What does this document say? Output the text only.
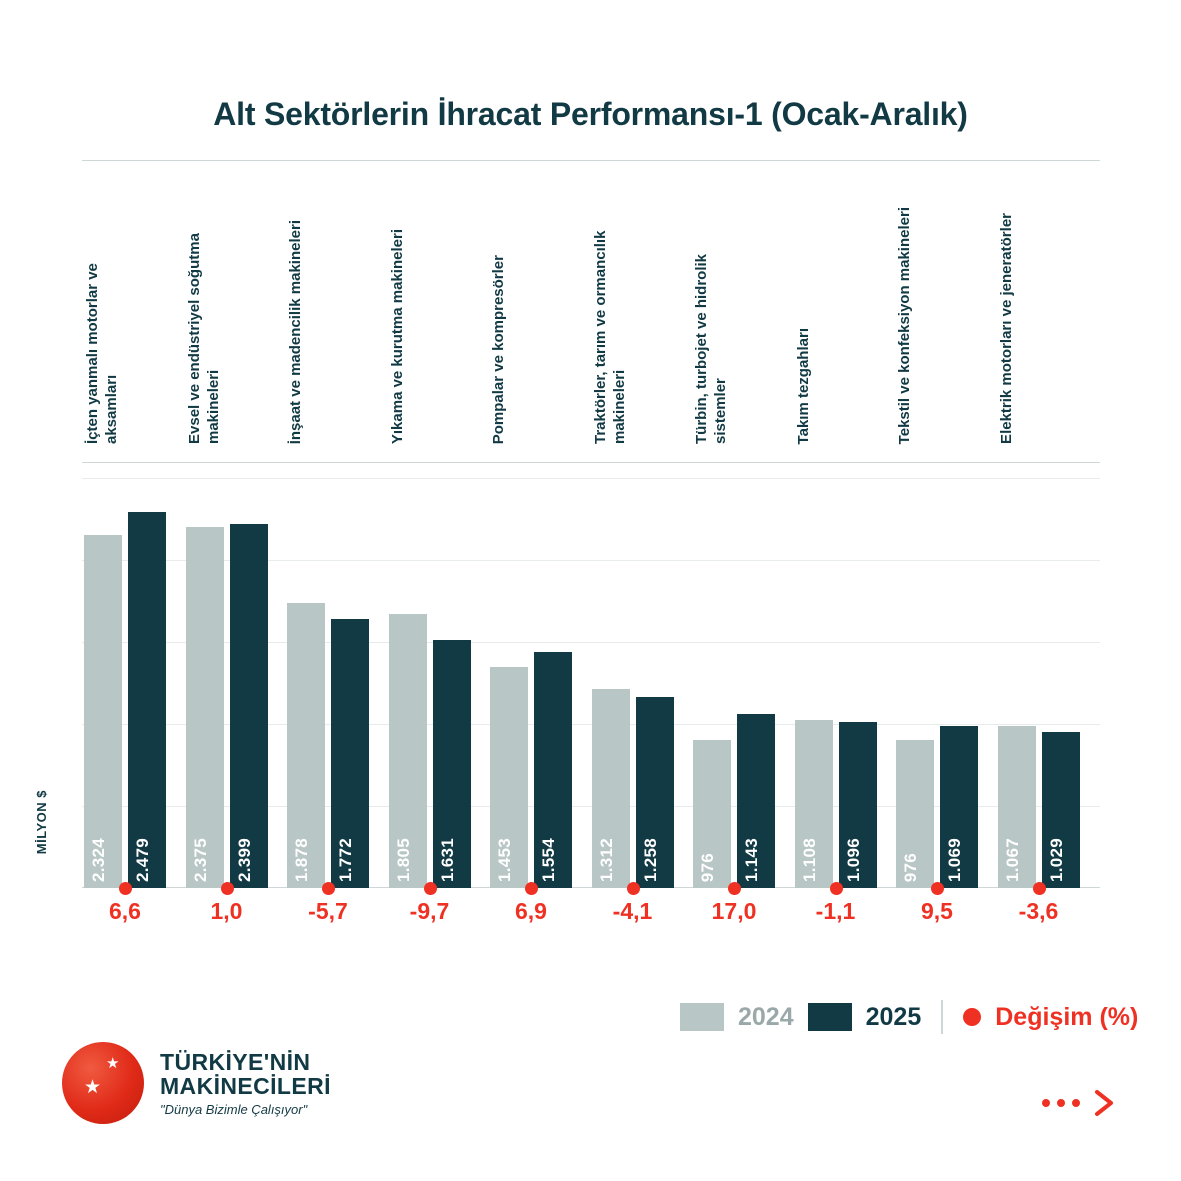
Alt Sektörlerin İhracat Performansı-1 (Ocak-Aralık)
MİLYON $
İçten yanmalı motorlar ve aksamları	Evsel ve endüstriyel soğutma makineleri	İnşaat ve madencilik makineleri	Yıkama ve kurutma makineleri	Pompalar ve kompresörler	Traktörler, tarım ve ormancılık makineleri	Türbin, turbojet ve hidrolik sistemler	Takım tezgahları	Tekstil ve konfeksiyon makineleri	Elektrik motorları ve jeneratörler
2.324 2.479 2.375 2.399 1.878 1.772 1.805 1.631 1.453 1.554 1.312 1.258 976 1.143 1.108 1.096 976 1.069 1.067 1.029
6,6	1,0	-5,7	-9,7	6,9	-4,1	17,0	-1,1	9,5	-3,6
2024	2025	Değişim (%)
★
★
TÜRKİYE'NİN
MAKİNECİLERİ
"Dünya Bizimle Çalışıyor"
